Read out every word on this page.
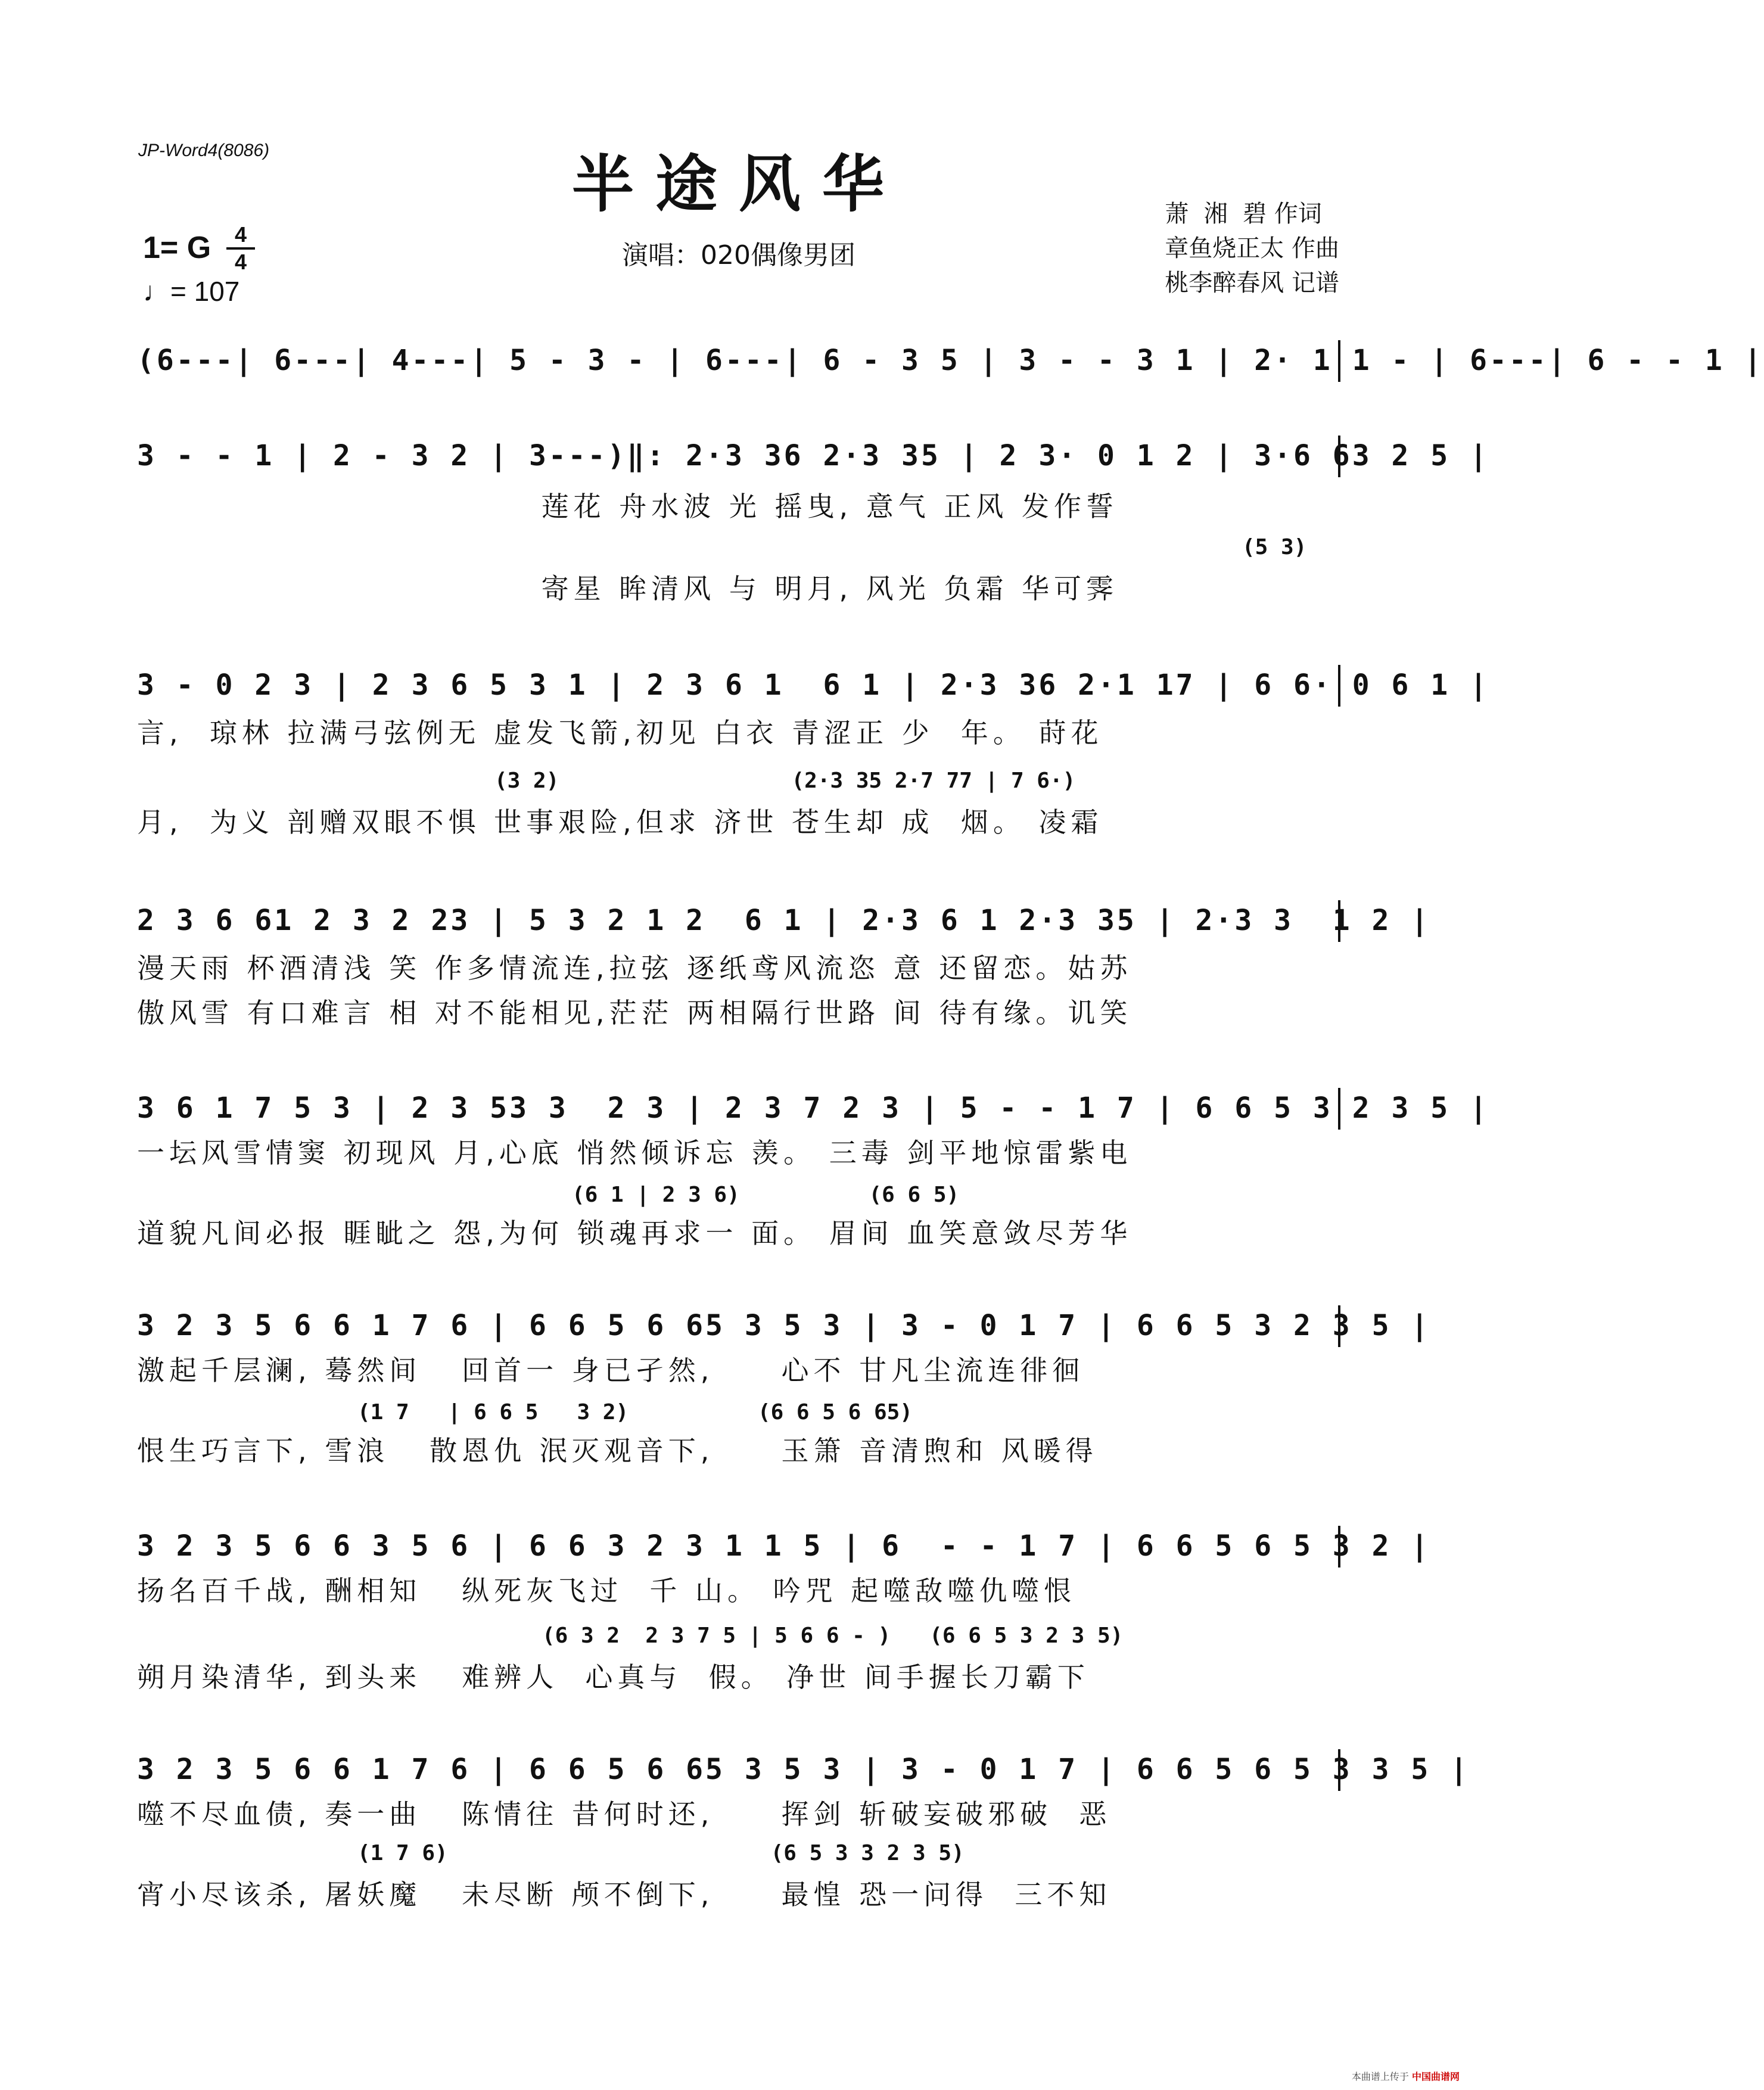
JP-Word4(8086)	半途风华
1= G	4
4
♩= 107
演唱：020偶像男团
萧  湘  碧 作词
章鱼烧正太 作曲
桃李醉春风 记谱
(6---| 6---| 4---| 5 - 3 - | 6---| 6 - 3 5 | 3 - - 3 1 | 2· 1 1 - | 6---| 6 - - 1 |
3 - - 1 | 2 - 3 2 | 3---)‖: 2·3 36 2·3 35 | 2 3· 0 1 2 | 3·6 63 2 5 |
莲花 舟水波 光 摇曳, 意气 正风 发作誓
(5 3)
寄星 眸清风 与 明月, 风光 负霜 华可霁
3 - 0 2 3 | 2 3 6 5 3 1 | 2 3 6 1  6 1 | 2·3 36 2·1 17 | 6 6· 0 6 1 |
言,  琼林 拉满弓弦例无 虚发飞箭,初见 白衣 青涩正 少  年。 莳花
(3 2)                  (2·3 35 2·7 77 | 7 6·)
月,  为义 剖赠双眼不惧 世事艰险,但求 济世 苍生却 成  烟。 凌霜
2 3 6 61 2 3 2 23 | 5 3 2 1 2  6 1 | 2·3 6 1 2·3 35 | 2·3 3  1 2 |
漫天雨 杯酒清浅 笑 作多情流连,拉弦 逐纸鸢风流恣 意 还留恋。姑苏
傲风雪 有口难言 相 对不能相见,茫茫 两相隔行世路 间 待有缘。讥笑
3 6 1 7 5 3 | 2 3 53 3  2 3 | 2 3 7 2 3 | 5 - - 1 7 | 6 6 5 3 2 3 5 |
一坛风雪情窦 初现风 月,心底 悄然倾诉忘 羡。 三毒 剑平地惊雷紫电
(6 1 | 2 3 6)          (6 6 5)
道貌凡间必报 睚眦之 怨,为何 锁魂再求一 面。 眉间 血笑意敛尽芳华
3 2 3 5 6 6 1 7 6 | 6 6 5 6 65 3 5 3 | 3 - 0 1 7 | 6 6 5 3 2 3 5 |
激起千层澜, 蓦然间   回首一 身已孑然,     心不 甘凡尘流连徘徊
(1 7   | 6 6 5   3 2)          (6 6 5 6 65)
恨生巧言下, 雪浪   散恩仇 泯灭观音下,     玉箫 音清煦和 风暖得
3 2 3 5 6 6 3 5 6 | 6 6 3 2 3 1 1 5 | 6  - - 1 7 | 6 6 5 6 5 3 2 |
扬名百千战, 酬相知   纵死灰飞过  千 山。 吟咒 起噬敌噬仇噬恨
(6 3 2  2 3 7 5 | 5 6 6 - )   (6 6 5 3 2 3 5)
朔月染清华, 到头来   难辨人  心真与  假。 净世 间手握长刀霸下
3 2 3 5 6 6 1 7 6 | 6 6 5 6 65 3 5 3 | 3 - 0 1 7 | 6 6 5 6 5 3 3 5 |
噬不尽血债, 奏一曲   陈情往 昔何时还,     挥剑 斩破妄破邪破  恶
(1 7 6)                         (6 5 3 3 2 3 5)
宵小尽该杀, 屠妖魔   未尽断 颅不倒下,     最惶 恐一问得  三不知
本曲谱上传于 中国曲谱网
